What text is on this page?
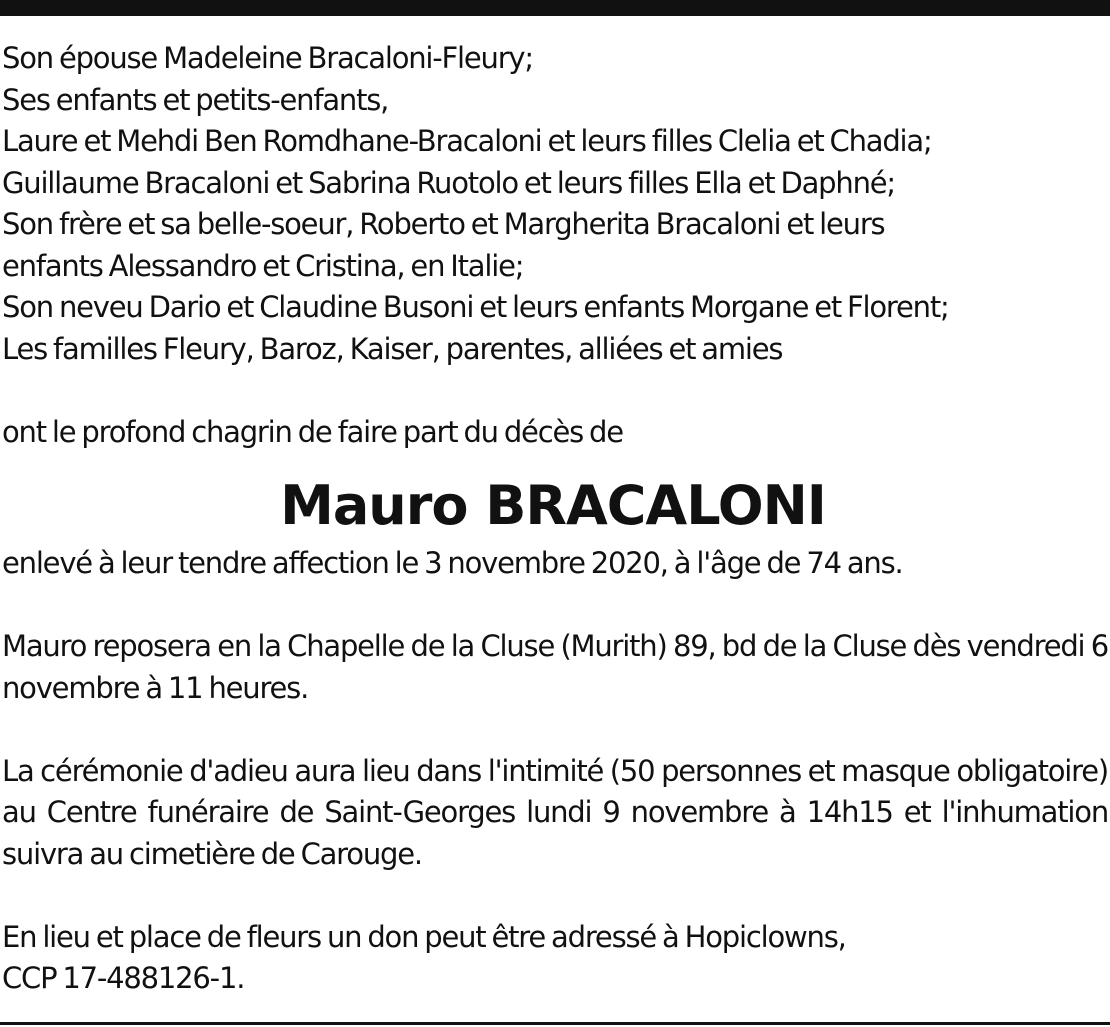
Son épouse Madeleine Bracaloni-Fleury;
Ses enfants et petits-enfants,
Laure et Mehdi Ben Romdhane-Bracaloni et leurs filles Clelia et Chadia;
Guillaume Bracaloni et Sabrina Ruotolo et leurs filles Ella et Daphné;
Son frère et sa belle-soeur, Roberto et Margherita Bracaloni et leurs
enfants Alessandro et Cristina, en Italie;
Son neveu Dario et Claudine Busoni et leurs enfants Morgane et Florent;
Les familles Fleury, Baroz, Kaiser, parentes, alliées et amies

ont le profond chagrin de faire part du décès de

Mauro BRACALONI

enlevé à leur tendre affection le 3 novembre 2020, à l'âge de 74 ans.

Mauro reposera en la Chapelle de la Cluse (Murith) 89, bd de la Cluse dès vendredi 6 novembre à 11 heures.

La cérémonie d'adieu aura lieu dans l'intimité (50 personnes et masque obligatoire) au Centre funéraire de Saint-Georges lundi 9 novembre à 14h15 et l'inhumation suivra au cimetière de Carouge.

En lieu et place de fleurs un don peut être adressé à Hopiclowns,
CCP 17-488126-1.
